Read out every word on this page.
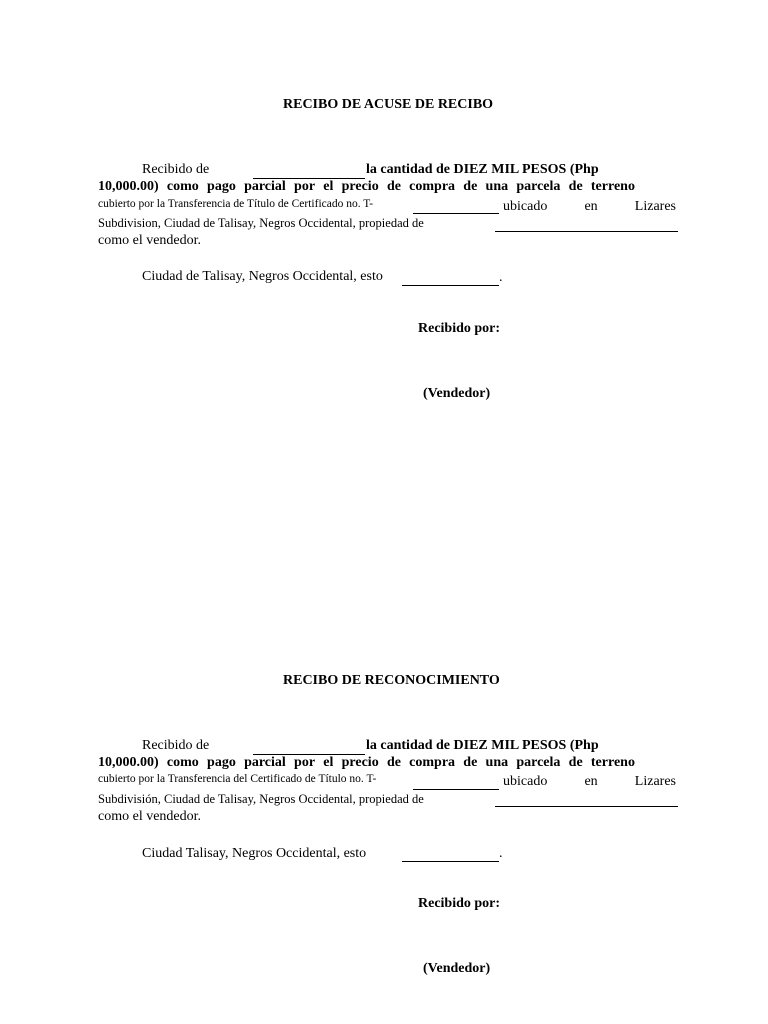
RECIBO DE ACUSE DE RECIBO
Recibido de	la cantidad de DIEZ MIL PESOS (Php
10,000.00) como pago parcial por el precio de compra de una parcela de terreno
cubierto por la Transferencia de Título de Certificado no. T-	ubicado	en	Lizares
Subdivision, Ciudad de Talisay, Negros Occidental, propiedad de
como el vendedor.
Ciudad de Talisay, Negros Occidental, esto	.
Recibido por:
(Vendedor)
RECIBO DE RECONOCIMIENTO
Recibido de	la cantidad de DIEZ MIL PESOS (Php
10,000.00) como pago parcial por el precio de compra de una parcela de terreno
cubierto por la Transferencia del Certificado de Título no. T-	ubicado	en	Lizares
Subdivisión, Ciudad de Talisay, Negros Occidental, propiedad de
como el vendedor.
Ciudad Talisay, Negros Occidental, esto	.
Recibido por:
(Vendedor)
